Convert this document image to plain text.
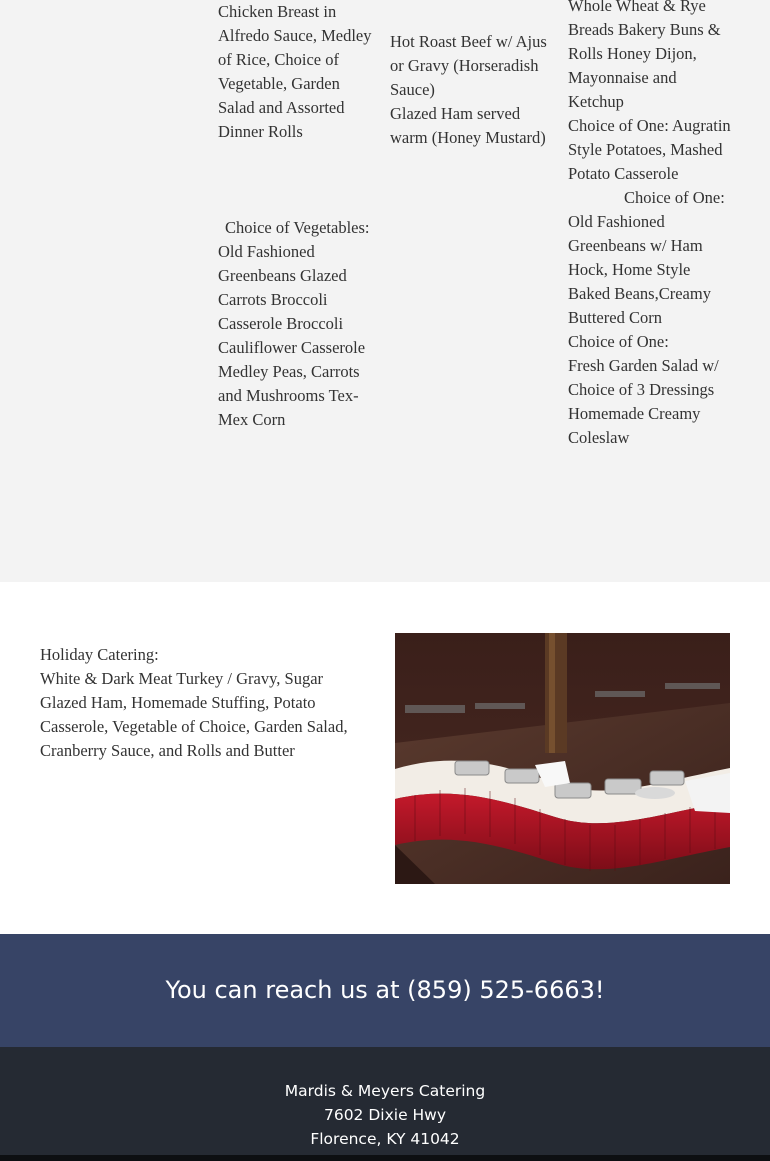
Chicken Breast in Alfredo Sauce, Medley of Rice, Choice of Vegetable, Garden Salad and Assorted Dinner Rolls

Choice of Vegetables: Old Fashioned Greenbeans Glazed Carrots Broccoli Casserole Broccoli Cauliflower Casserole Medley Peas, Carrots and Mushrooms Tex-Mex Corn

Hot Roast Beef w/ Ajus or Gravy (Horseradish Sauce)

Glazed Ham served warm (Honey Mustard)

Whole Wheat & Rye Breads Bakery Buns & Rolls Honey Dijon, Mayonnaise and Ketchup

Choice of One: Augratin Style Potatoes, Mashed Potato Casserole

Choice of One: Old Fashioned Greenbeans w/ Ham Hock, Home Style Baked Beans,Creamy Buttered Corn

Choice of One:

Fresh Garden Salad w/ Choice of 3 Dressings Homemade Creamy Coleslaw

Holiday Catering:

White & Dark Meat Turkey / Gravy, Sugar Glazed Ham, Homemade Stuffing, Potato Casserole, Vegetable of Choice, Garden Salad, Cranberry Sauce, and Rolls and Butter

You can reach us at (859) 525-6663!

Mardis & Meyers Catering

7602 Dixie Hwy

Florence, KY 41042
